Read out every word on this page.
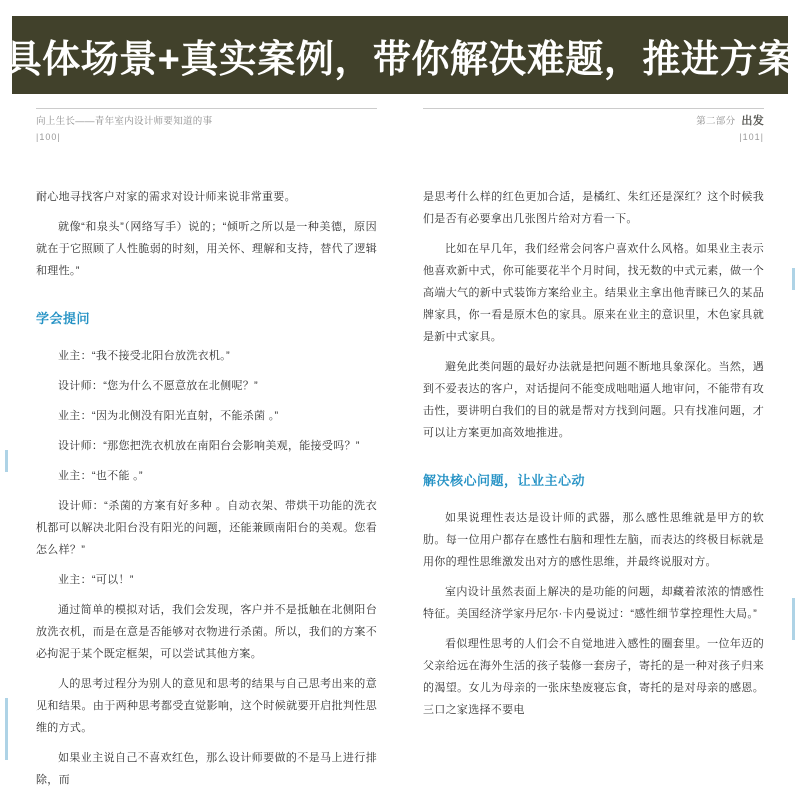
具体场景+真实案例，带你解决难题，推进方案
向上生长——青年室内设计师要知道的事
|100|
耐心地寻找客户对家的需求对设计师来说非常重要。
就像“和泉头”（网络写手）说的；“倾听之所以是一种美德，原因就在于它照顾了人性脆弱的时刻，用关怀、理解和支持，替代了逻辑和理性。”
学会提问
业主：“我不接受北阳台放洗衣机。”
设计师：“您为什么不愿意放在北侧呢？”
业主：“因为北侧没有阳光直射，不能杀菌 。”
设计师：“那您把洗衣机放在南阳台会影响美观，能接受吗？”
业主：“也不能 。”
设计师：“杀菌的方案有好多种 。自动衣架、带烘干功能的洗衣机都可以解决北阳台没有阳光的问题，还能兼顾南阳台的美观。您看怎么样？”
业主：“可以！”
通过简单的模拟对话，我们会发现，客户并不是抵触在北侧阳台放洗衣机，而是在意是否能够对衣物进行杀菌。所以，我们的方案不必拘泥于某个既定框架，可以尝试其他方案。
人的思考过程分为别人的意见和思考的结果与自己思考出来的意见和结果。由于两种思考都受直觉影响，这个时候就要开启批判性思维的方式。
如果业主说自己不喜欢红色，那么设计师要做的不是马上进行排除，而
第二部分 出发
|101|
是思考什么样的红色更加合适，是橘红、朱红还是深红？这个时候我们是否有必要拿出几张图片给对方看一下。
比如在早几年，我们经常会问客户喜欢什么风格。如果业主表示他喜欢新中式，你可能要花半个月时间，找无数的中式元素，做一个高端大气的新中式装饰方案给业主。结果业主拿出他青睐已久的某品牌家具，你一看是原木色的家具。原来在业主的意识里，木色家具就是新中式家具。
避免此类问题的最好办法就是把问题不断地具象深化。当然，遇到不爱表达的客户，对话提问不能变成咄咄逼人地审问，不能带有攻击性，要讲明白我们的目的就是帮对方找到问题。只有找准问题，才可以让方案更加高效地推进。
解决核心问题，让业主心动
如果说理性表达是设计师的武器，那么感性思维就是甲方的软肋。每一位用户都存在感性右脑和理性左脑，而表达的终极目标就是用你的理性思维激发出对方的感性思维，并最终说服对方。
室内设计虽然表面上解决的是功能的问题，却藏着浓浓的情感性特征。美国经济学家丹尼尔·卡内曼说过：“感性细节掌控理性大局。”
看似理性思考的人们会不自觉地进入感性的圈套里。一位年迈的父亲给远在海外生活的孩子装修一套房子，寄托的是一种对孩子归来的渴望。女儿为母亲的一张床垫废寝忘食，寄托的是对母亲的感恩。三口之家选择不要电
